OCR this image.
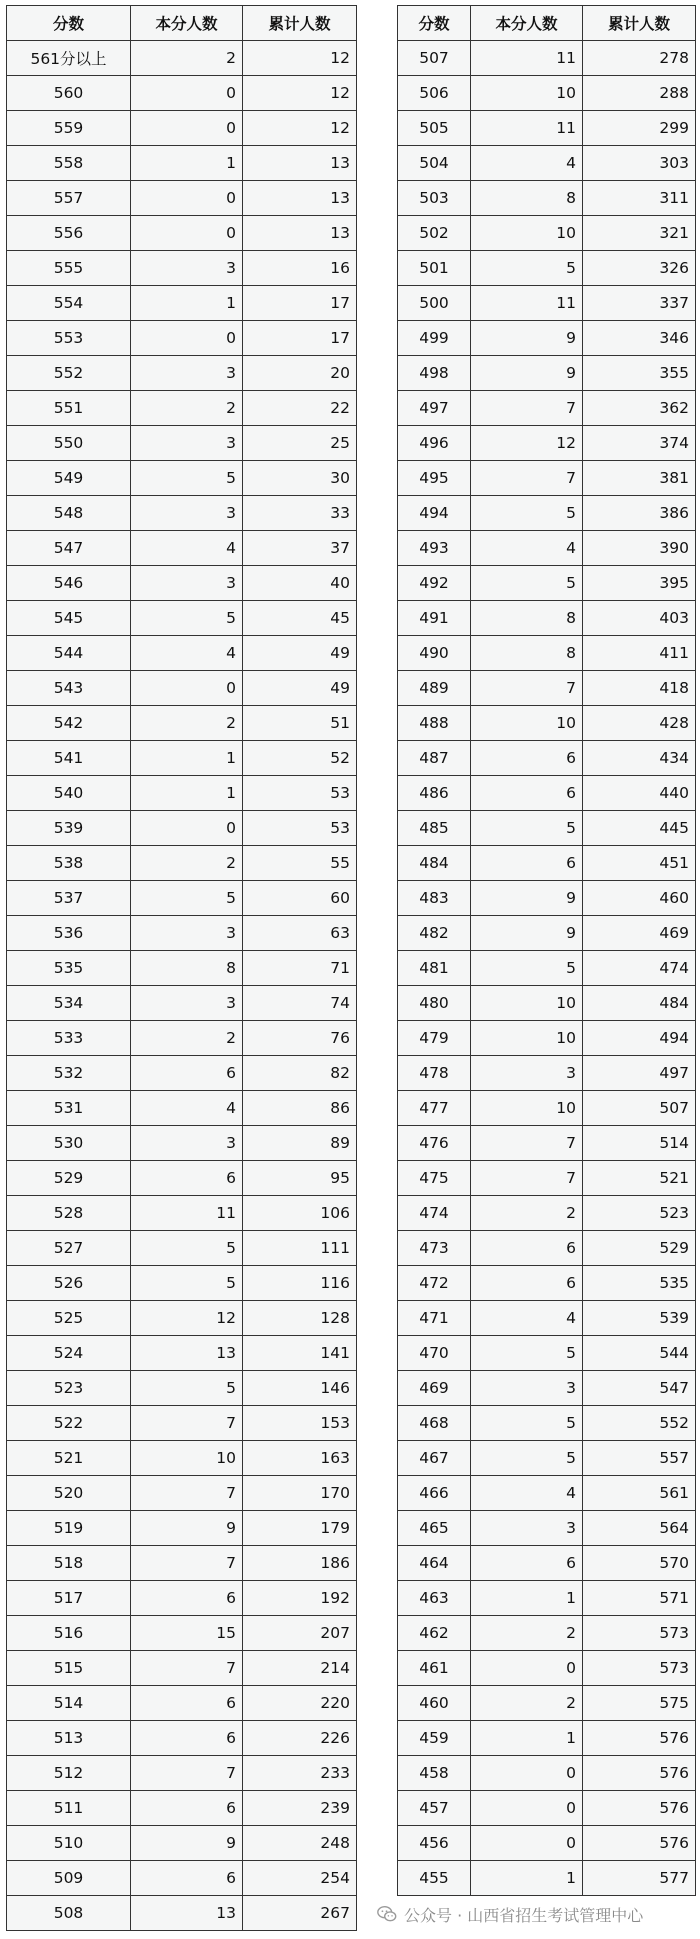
分数	本分人数	累计人数
561分以上	2	12
560	0	12
559	0	12
558	1	13
557	0	13
556	0	13
555	3	16
554	1	17
553	0	17
552	3	20
551	2	22
550	3	25
549	5	30
548	3	33
547	4	37
546	3	40
545	5	45
544	4	49
543	0	49
542	2	51
541	1	52
540	1	53
539	0	53
538	2	55
537	5	60
536	3	63
535	8	71
534	3	74
533	2	76
532	6	82
531	4	86
530	3	89
529	6	95
528	11	106
527	5	111
526	5	116
525	12	128
524	13	141
523	5	146
522	7	153
521	10	163
520	7	170
519	9	179
518	7	186
517	6	192
516	15	207
515	7	214
514	6	220
513	6	226
512	7	233
511	6	239
510	9	248
509	6	254
508	13	267
分数	本分人数	累计人数
507	11	278
506	10	288
505	11	299
504	4	303
503	8	311
502	10	321
501	5	326
500	11	337
499	9	346
498	9	355
497	7	362
496	12	374
495	7	381
494	5	386
493	4	390
492	5	395
491	8	403
490	8	411
489	7	418
488	10	428
487	6	434
486	6	440
485	5	445
484	6	451
483	9	460
482	9	469
481	5	474
480	10	484
479	10	494
478	3	497
477	10	507
476	7	514
475	7	521
474	2	523
473	6	529
472	6	535
471	4	539
470	5	544
469	3	547
468	5	552
467	5	557
466	4	561
465	3	564
464	6	570
463	1	571
462	2	573
461	0	573
460	2	575
459	1	576
458	0	576
457	0	576
456	0	576
455	1	577
公众号 · 山西省招生考试管理中心
